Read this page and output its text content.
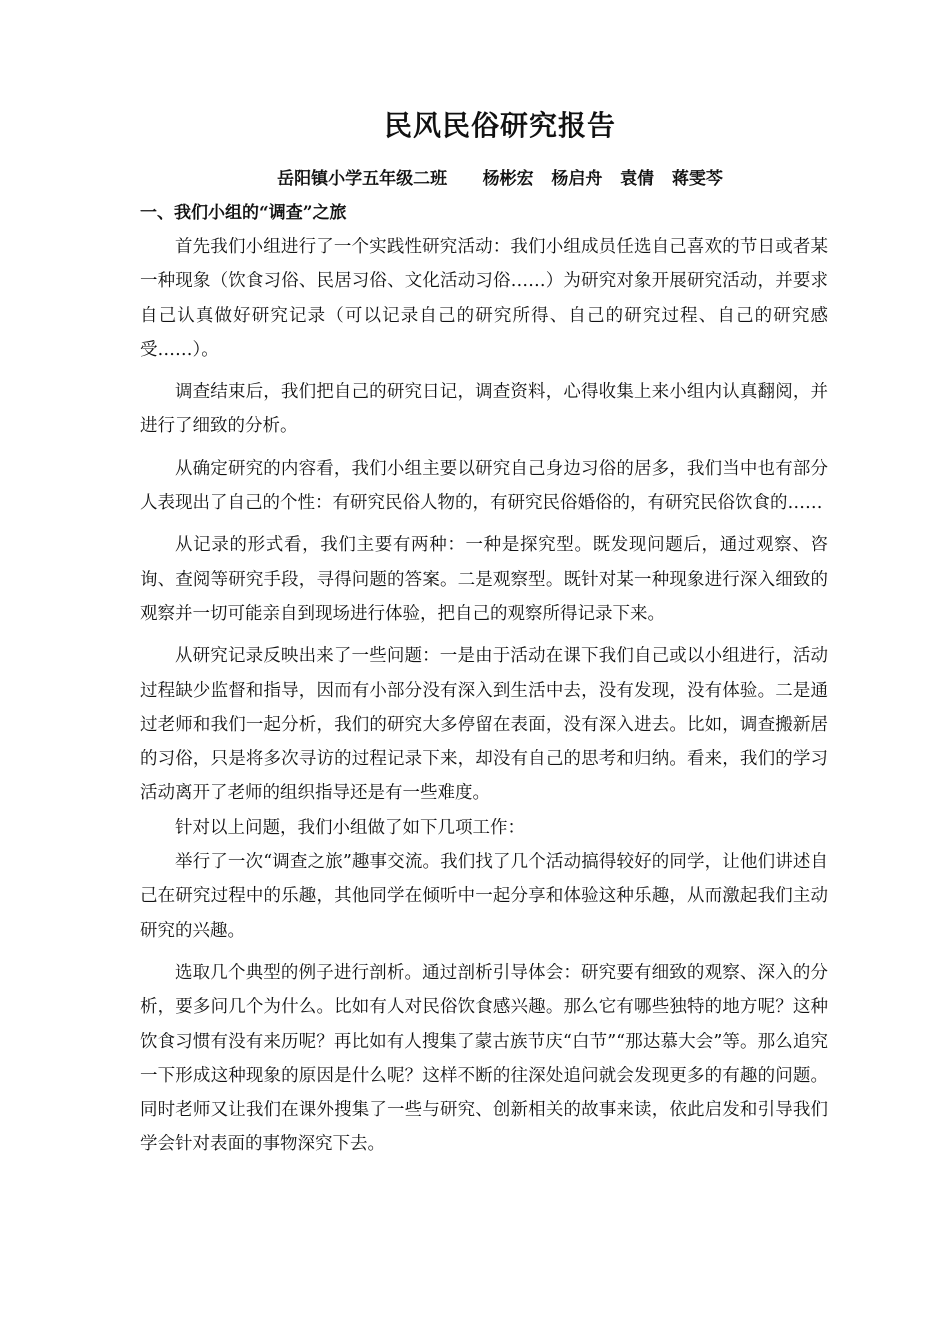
民风民俗研究报告
岳阳镇小学五年级二班      杨彬宏   杨启舟   袁倩   蒋雯芩
一、我们小组的“调查”之旅

首先我们小组进行了一个实践性研究活动：我们小组成员任选自己喜欢的节日或者某一种现象（饮食习俗、民居习俗、文化活动习俗……）为研究对象开展研究活动，并要求自己认真做好研究记录（可以记录自己的研究所得、自己的研究过程、自己的研究感受……）。

调查结束后，我们把自己的研究日记，调查资料，心得收集上来小组内认真翻阅，并进行了细致的分析。

从确定研究的内容看，我们小组主要以研究自己身边习俗的居多，我们当中也有部分人表现出了自己的个性：有研究民俗人物的，有研究民俗婚俗的，有研究民俗饮食的……

从记录的形式看，我们主要有两种：一种是探究型。既发现问题后，通过观察、咨询、查阅等研究手段，寻得问题的答案。二是观察型。既针对某一种现象进行深入细致的观察并一切可能亲自到现场进行体验，把自己的观察所得记录下来。

从研究记录反映出来了一些问题：一是由于活动在课下我们自己或以小组进行，活动过程缺少监督和指导，因而有小部分没有深入到生活中去，没有发现，没有体验。二是通过老师和我们一起分析，我们的研究大多停留在表面，没有深入进去。比如，调查搬新居的习俗，只是将多次寻访的过程记录下来，却没有自己的思考和归纳。看来，我们的学习活动离开了老师的组织指导还是有一些难度。

针对以上问题，我们小组做了如下几项工作：

举行了一次“调查之旅”趣事交流。我们找了几个活动搞得较好的同学，让他们讲述自己在研究过程中的乐趣，其他同学在倾听中一起分享和体验这种乐趣，从而激起我们主动研究的兴趣。

选取几个典型的例子进行剖析。通过剖析引导体会：研究要有细致的观察、深入的分析，要多问几个为什么。比如有人对民俗饮食感兴趣。那么它有哪些独特的地方呢？这种饮食习惯有没有来历呢？再比如有人搜集了蒙古族节庆“白节”“那达慕大会”等。那么追究一下形成这种现象的原因是什么呢？这样不断的往深处追问就会发现更多的有趣的问题。同时老师又让我们在课外搜集了一些与研究、创新相关的故事来读，依此启发和引导我们学会针对表面的事物深究下去。
